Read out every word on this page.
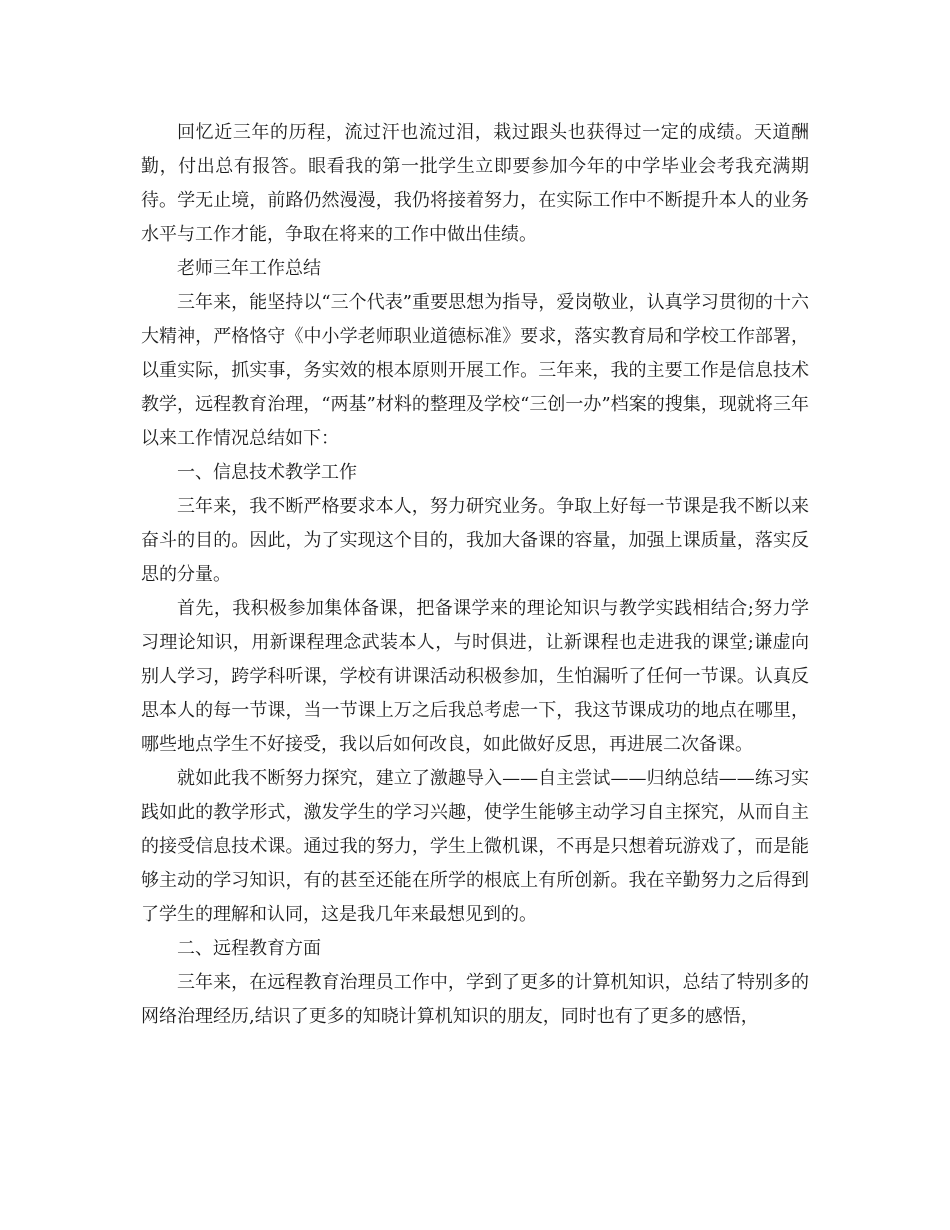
回忆近三年的历程，流过汗也流过泪，栽过跟头也获得过一定的成绩。天道酬勤，付出总有报答。眼看我的第一批学生立即要参加今年的中学毕业会考我充满期待。学无止境，前路仍然漫漫，我仍将接着努力，在实际工作中不断提升本人的业务水平与工作才能，争取在将来的工作中做出佳绩。

老师三年工作总结

三年来，能坚持以“三个代表”重要思想为指导，爱岗敬业，认真学习贯彻的十六大精神，严格恪守《中小学老师职业道德标准》要求，落实教育局和学校工作部署，以重实际，抓实事，务实效的根本原则开展工作。三年来，我的主要工作是信息技术教学，远程教育治理，“两基”材料的整理及学校“三创一办”档案的搜集，现就将三年以来工作情况总结如下：

一、信息技术教学工作

三年来，我不断严格要求本人，努力研究业务。争取上好每一节课是我不断以来奋斗的目的。因此，为了实现这个目的，我加大备课的容量，加强上课质量，落实反思的分量。

首先，我积极参加集体备课，把备课学来的理论知识与教学实践相结合;努力学习理论知识，用新课程理念武装本人，与时俱进，让新课程也走进我的课堂;谦虚向别人学习，跨学科听课，学校有讲课活动积极参加，生怕漏听了任何一节课。认真反思本人的每一节课，当一节课上万之后我总考虑一下，我这节课成功的地点在哪里，哪些地点学生不好接受，我以后如何改良，如此做好反思，再进展二次备课。

就如此我不断努力探究，建立了激趣导入——自主尝试——归纳总结——练习实践如此的教学形式，激发学生的学习兴趣，使学生能够主动学习自主探究，从而自主的接受信息技术课。通过我的努力，学生上微机课，不再是只想着玩游戏了，而是能够主动的学习知识，有的甚至还能在所学的根底上有所创新。我在辛勤努力之后得到了学生的理解和认同，这是我几年来最想见到的。

二、远程教育方面

三年来，在远程教育治理员工作中，学到了更多的计算机知识，总结了特别多的网络治理经历,结识了更多的知晓计算机知识的朋友，同时也有了更多的感悟，
